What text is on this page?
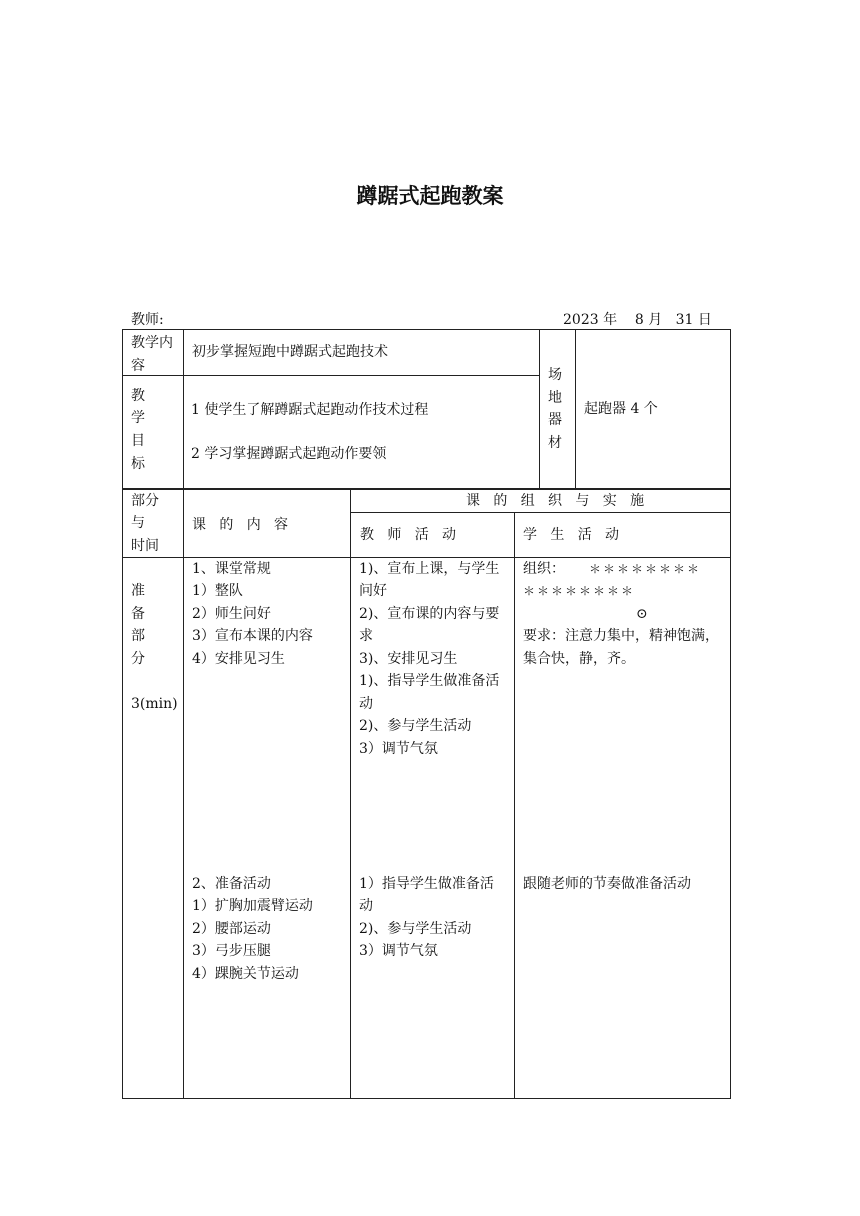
蹲踞式起跑教案
教师:	2023 年    8 月   31 日
教学内容
初步掌握短跑中蹲踞式起跑技术
教
学
目
标
1 使学生了解蹲踞式起跑动作技术过程
2 学习掌握蹲踞式起跑动作要领
场
地
器
材
起跑器 4 个
部分
与
时间
课   的   内   容
课   的   组   织   与   实   施
教   师   活   动	学   生   活   动
准
备
部
分
3(min)
1、课堂常规
1）整队
2）师生问好
3）宣布本课的内容
4）安排见习生
1)、宣布上课，与学生
问好
2)、宣布课的内容与要
求
3)、安排见习生
1)、指导学生做准备活
动
2)、参与学生活动
3）调节气氛
组织： ＊＊＊＊＊＊＊＊
＊＊＊＊＊＊＊＊
⊙
要求：注意力集中，精神饱满，集合快，静，齐。
2、准备活动
1）扩胸加震臂运动
2）腰部运动
3）弓步压腿
4）踝腕关节运动
1）指导学生做准备活
动
2)、参与学生活动
3）调节气氛
跟随老师的节奏做准备活动
